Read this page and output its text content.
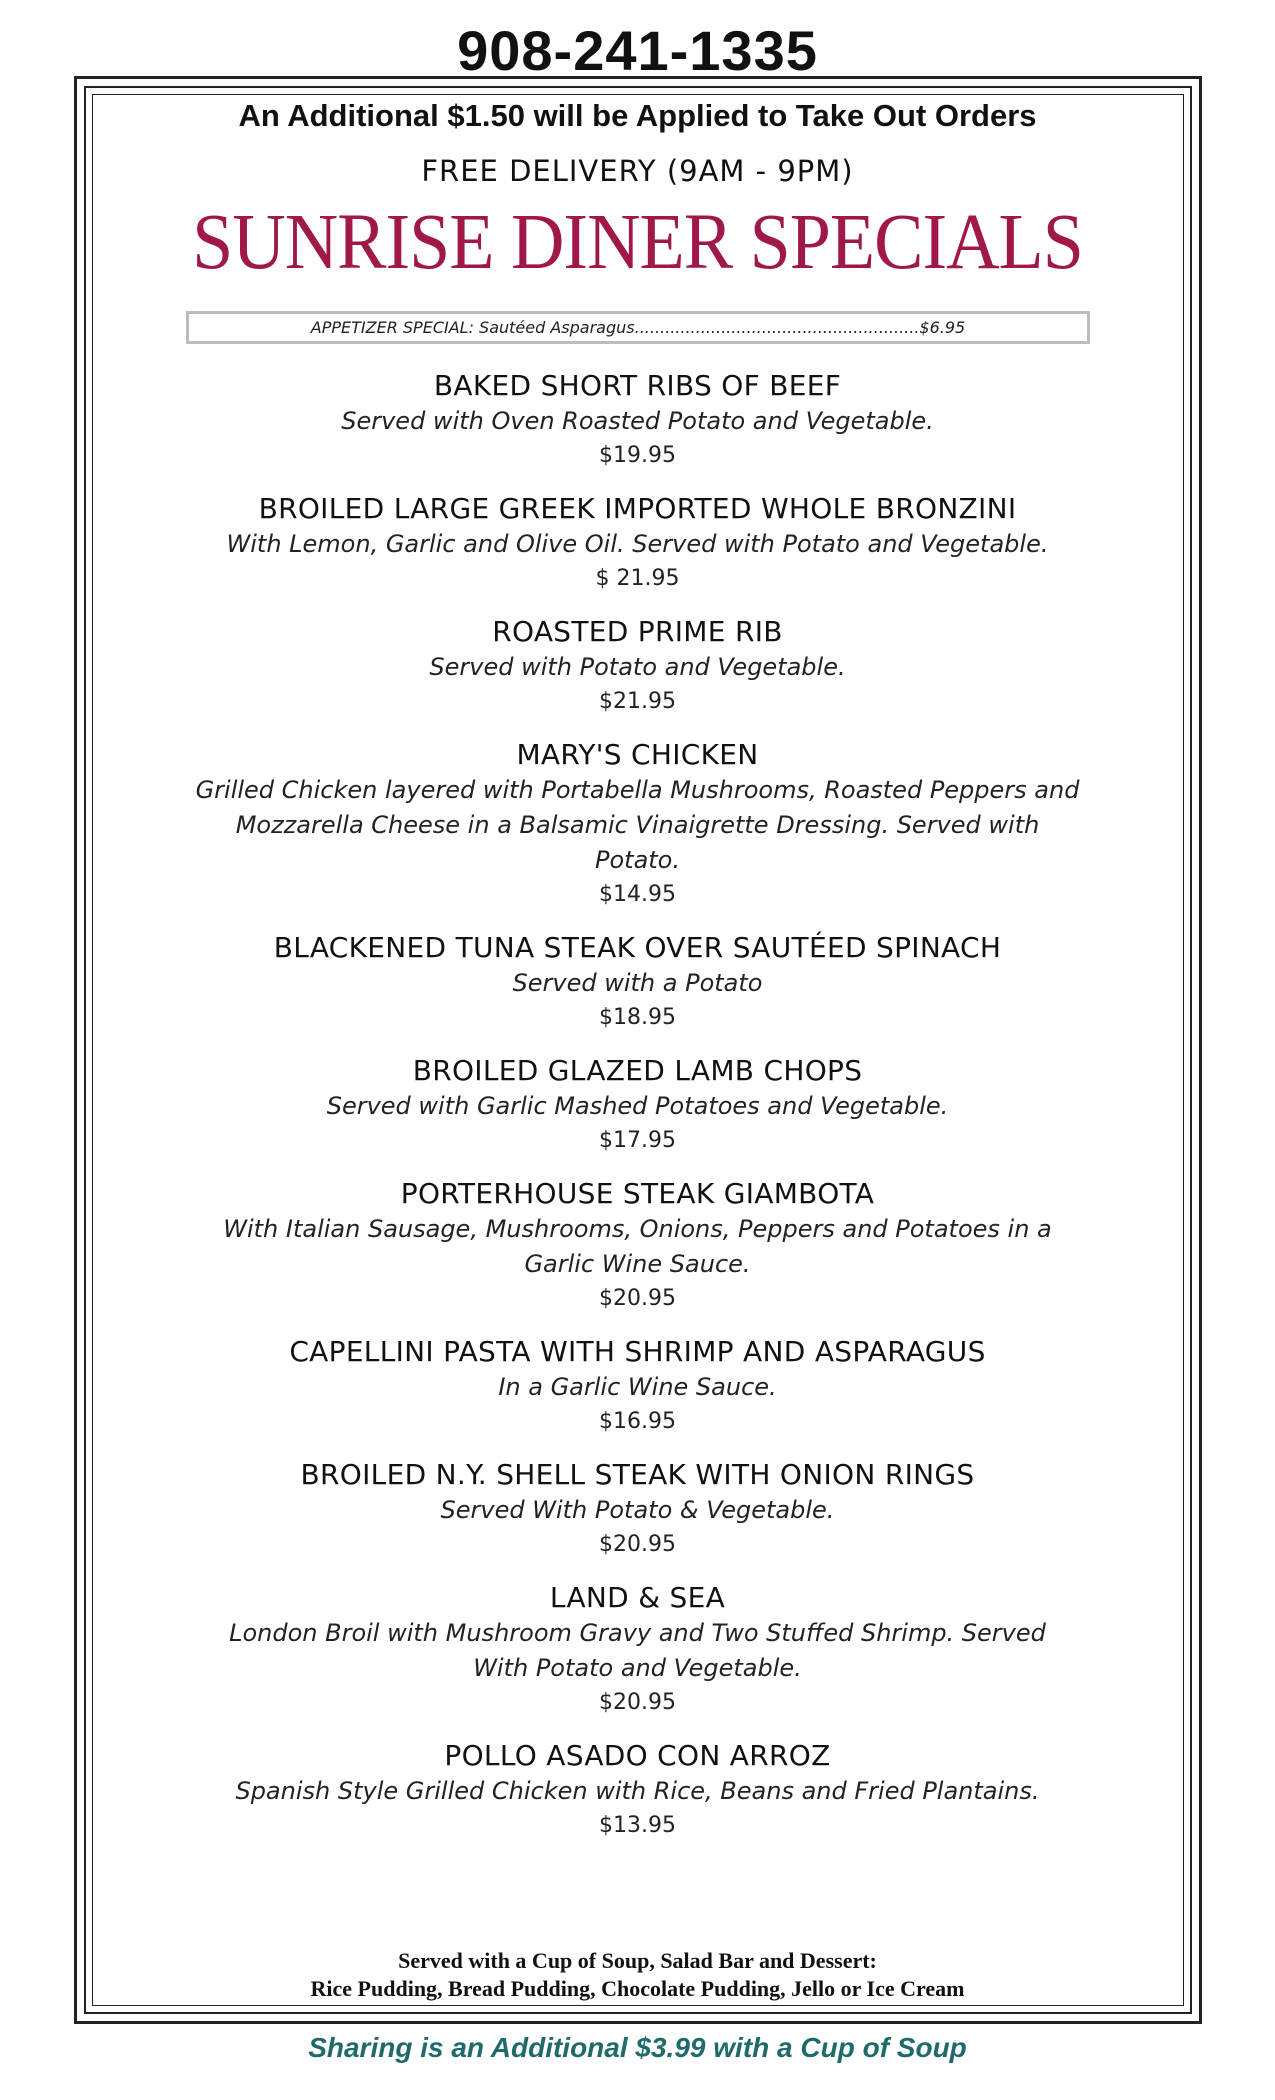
908-241-1335
An Additional $1.50 will be Applied to Take Out Orders
FREE DELIVERY (9AM - 9PM)
SUNRISE DINER SPECIALS
APPETIZER SPECIAL: Sautéed Asparagus........................................................$6.95
BAKED SHORT RIBS OF BEEF
Served with Oven Roasted Potato and Vegetable.
$19.95
BROILED LARGE GREEK IMPORTED WHOLE BRONZINI
With Lemon, Garlic and Olive Oil. Served with Potato and Vegetable.
$ 21.95
ROASTED PRIME RIB
Served with Potato and Vegetable.
$21.95
MARY'S CHICKEN
Grilled Chicken layered with Portabella Mushrooms, Roasted Peppers and
Mozzarella Cheese in a Balsamic Vinaigrette Dressing. Served with
Potato.
$14.95
BLACKENED TUNA STEAK OVER SAUTÉED SPINACH
Served with a Potato
$18.95
BROILED GLAZED LAMB CHOPS
Served with Garlic Mashed Potatoes and Vegetable.
$17.95
PORTERHOUSE STEAK GIAMBOTA
With Italian Sausage, Mushrooms, Onions, Peppers and Potatoes in a
Garlic Wine Sauce.
$20.95
CAPELLINI PASTA WITH SHRIMP AND ASPARAGUS
In a Garlic Wine Sauce.
$16.95
BROILED N.Y. SHELL STEAK WITH ONION RINGS
Served With Potato & Vegetable.
$20.95
LAND & SEA
London Broil with Mushroom Gravy and Two Stuffed Shrimp. Served
With Potato and Vegetable.
$20.95
POLLO ASADO CON ARROZ
Spanish Style Grilled Chicken with Rice, Beans and Fried Plantains.
$13.95
Served with a Cup of Soup, Salad Bar and Dessert:
Rice Pudding, Bread Pudding, Chocolate Pudding, Jello or Ice Cream
Sharing is an Additional $3.99 with a Cup of Soup
